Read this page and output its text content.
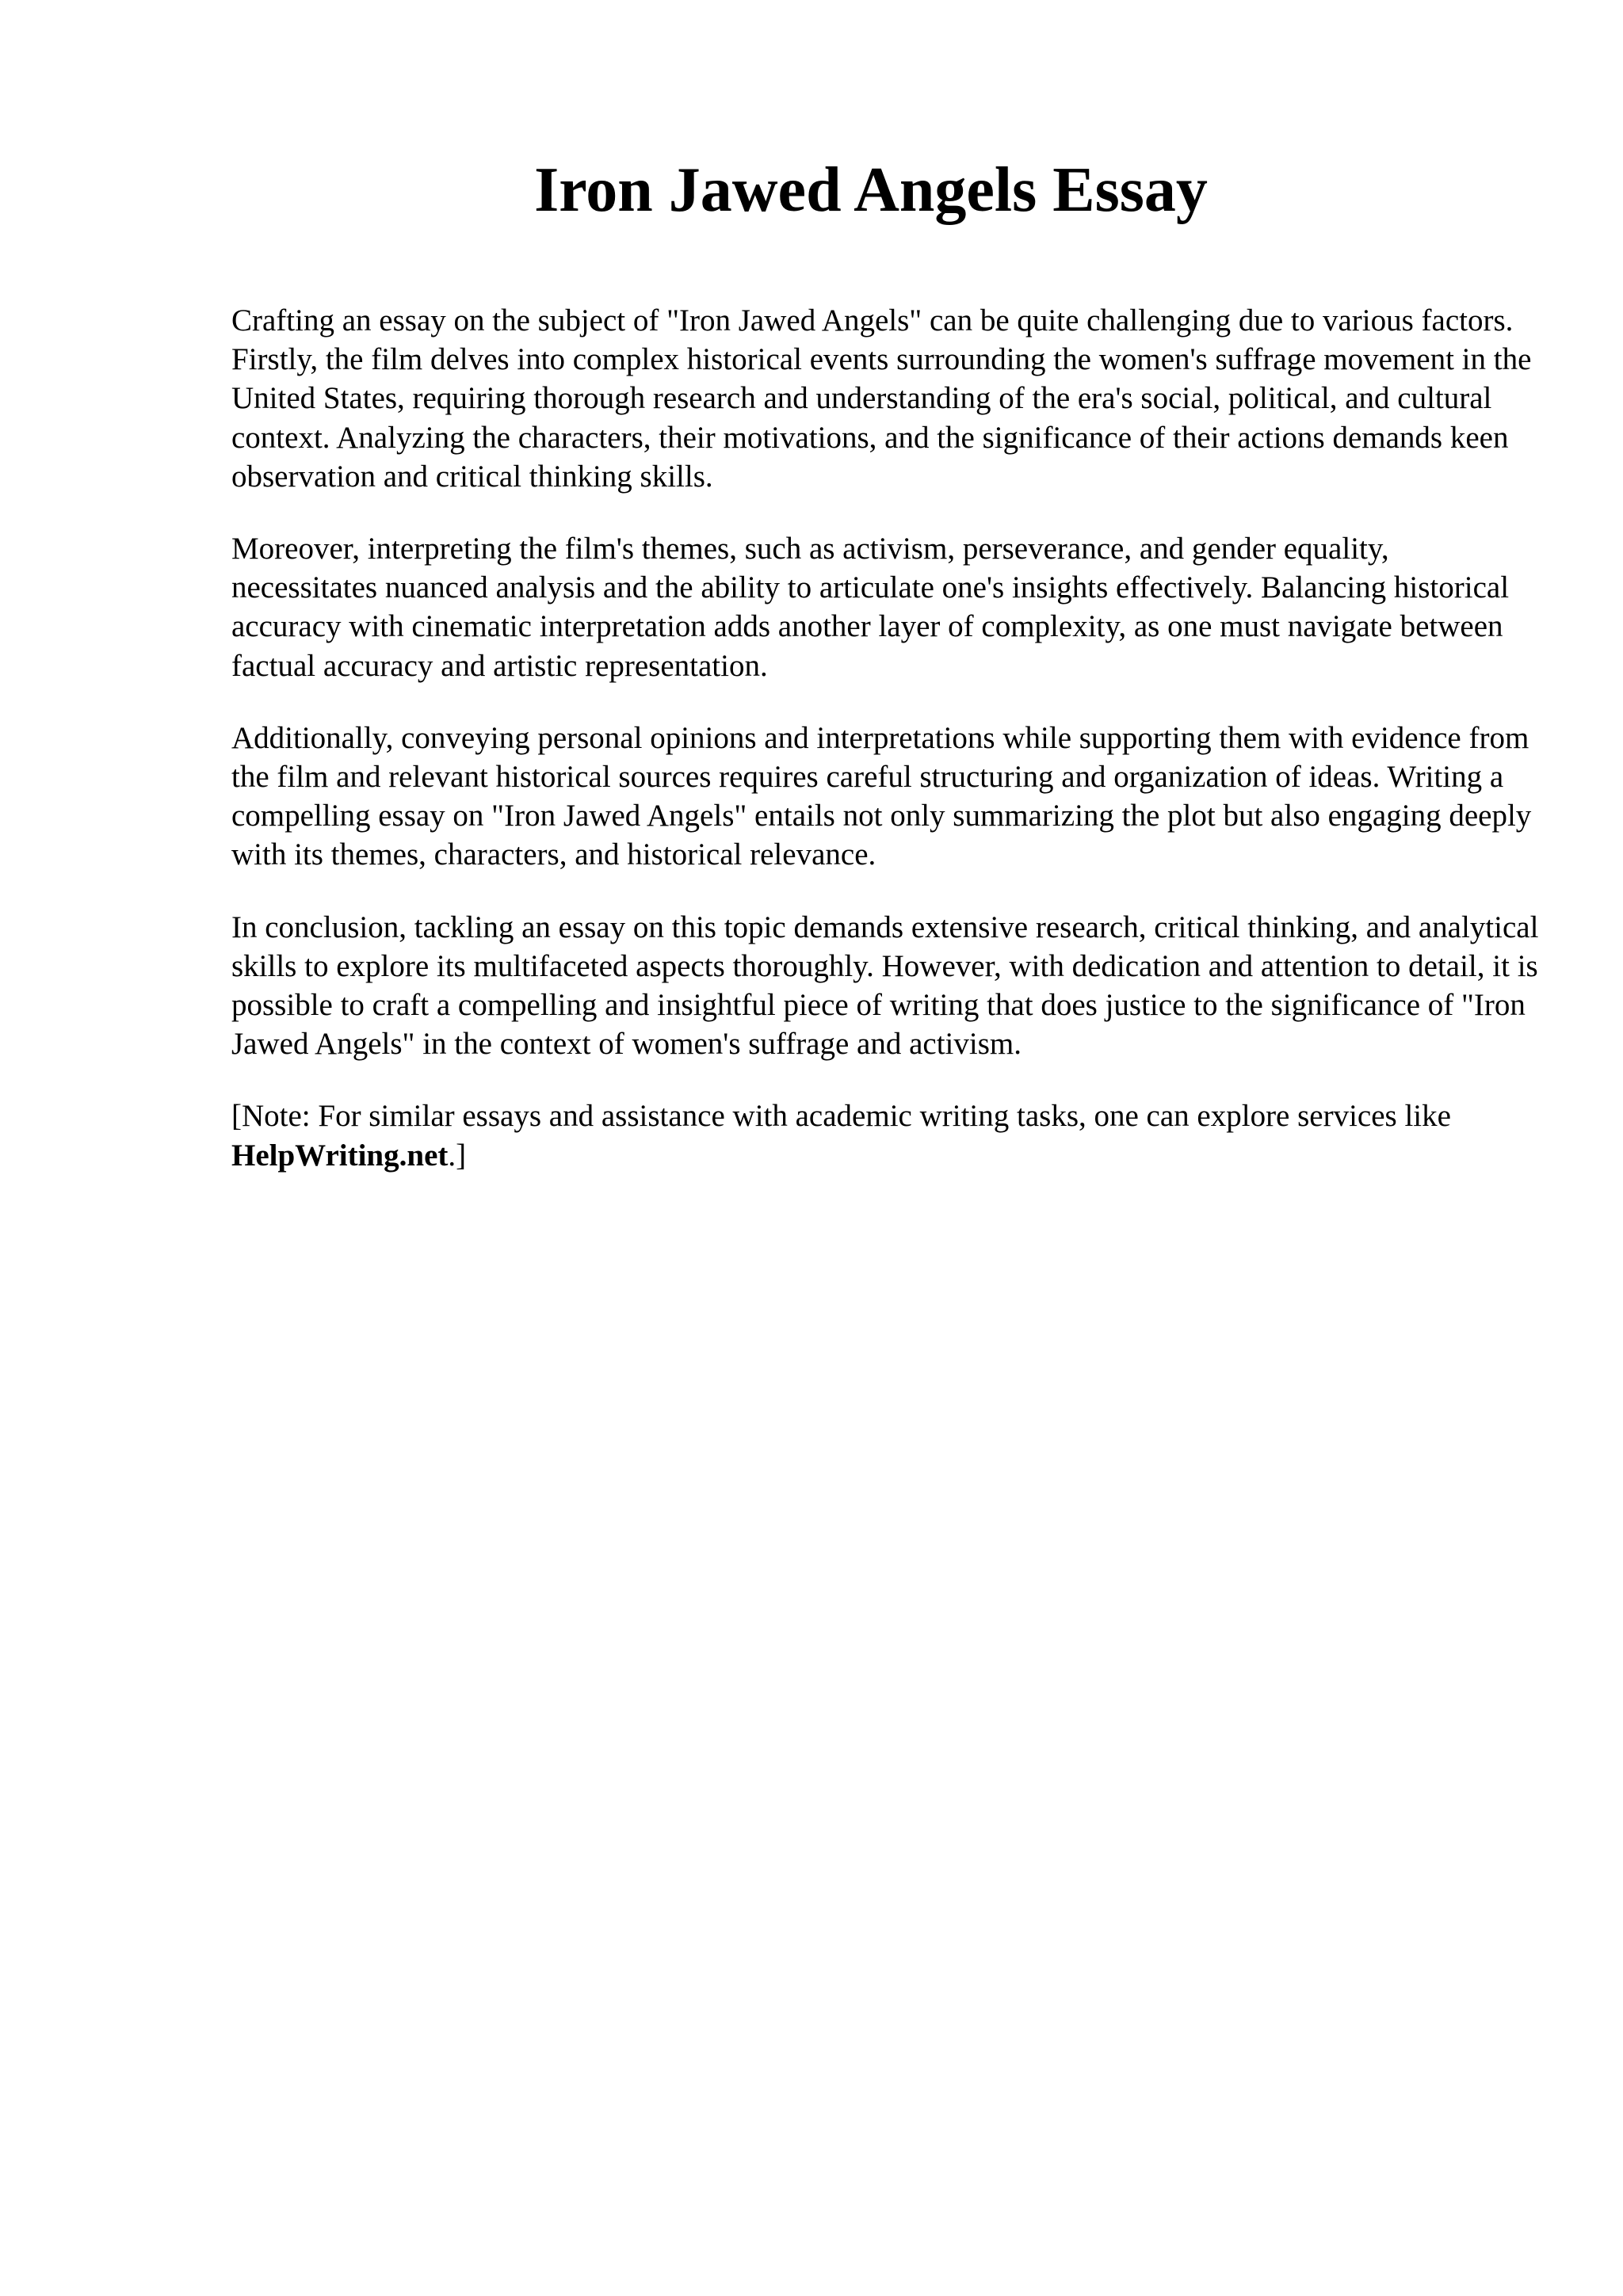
Iron Jawed Angels Essay

Crafting an essay on the subject of "Iron Jawed Angels" can be quite challenging due to various factors. Firstly, the film delves into complex historical events surrounding the women's suffrage movement in the United States, requiring thorough research and understanding of the era's social, political, and cultural context. Analyzing the characters, their motivations, and the significance of their actions demands keen observation and critical thinking skills.

Moreover, interpreting the film's themes, such as activism, perseverance, and gender equality, necessitates nuanced analysis and the ability to articulate one's insights effectively. Balancing historical accuracy with cinematic interpretation adds another layer of complexity, as one must navigate between factual accuracy and artistic representation.

Additionally, conveying personal opinions and interpretations while supporting them with evidence from the film and relevant historical sources requires careful structuring and organization of ideas. Writing a compelling essay on "Iron Jawed Angels" entails not only summarizing the plot but also engaging deeply with its themes, characters, and historical relevance.

In conclusion, tackling an essay on this topic demands extensive research, critical thinking, and analytical skills to explore its multifaceted aspects thoroughly. However, with dedication and attention to detail, it is possible to craft a compelling and insightful piece of writing that does justice to the significance of "Iron Jawed Angels" in the context of women's suffrage and activism.

[Note: For similar essays and assistance with academic writing tasks, one can explore services like HelpWriting.net.]
